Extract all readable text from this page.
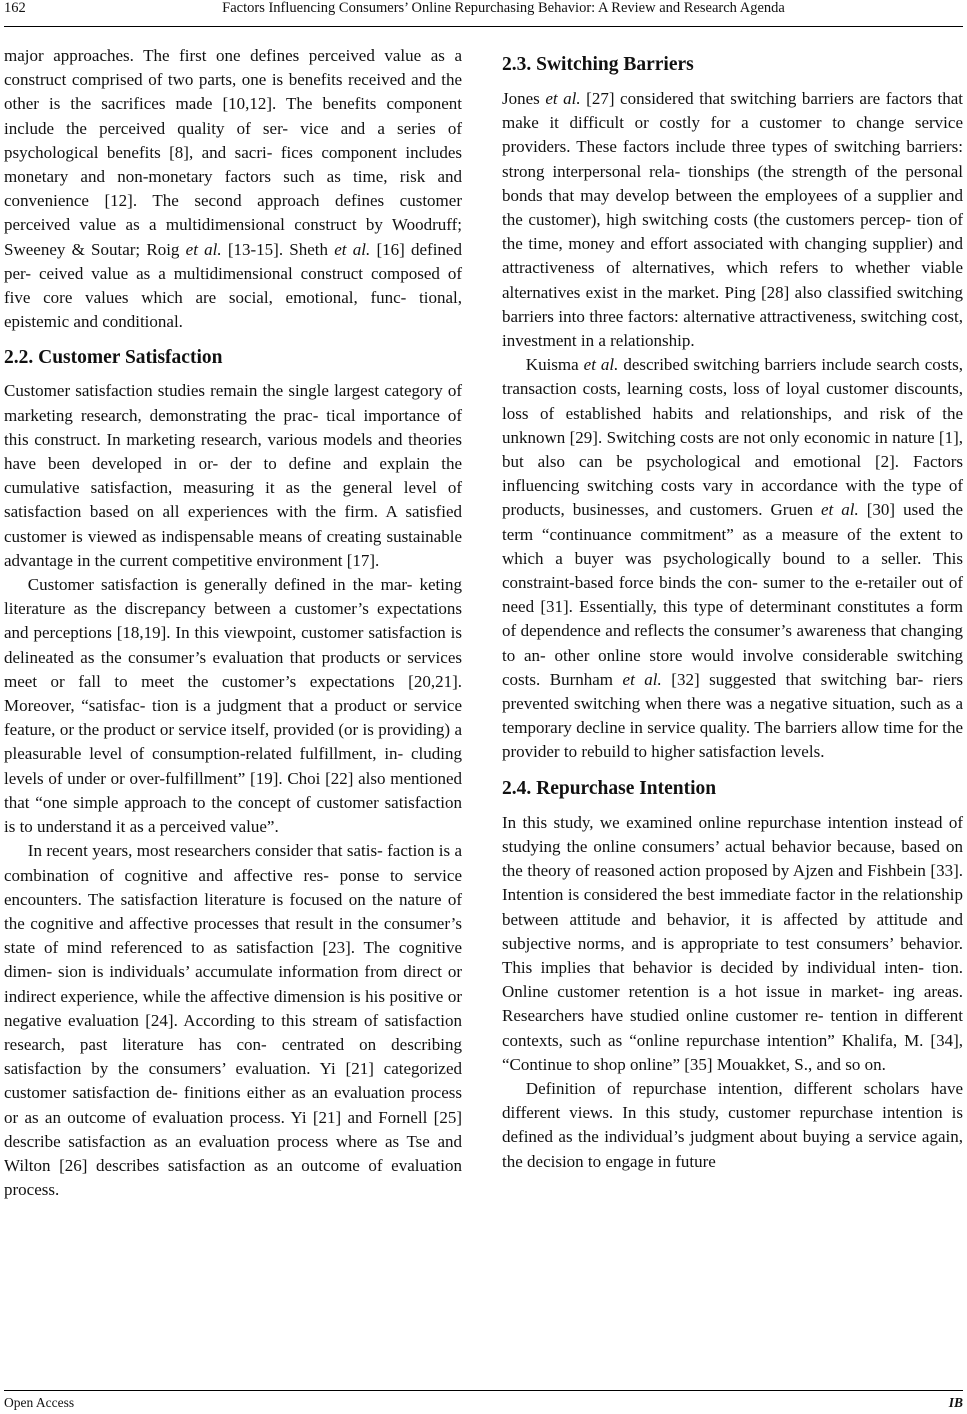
162	Factors Influencing Consumers’ Online Repurchasing Behavior: A Review and Research Agenda

major approaches. The first one defines perceived value as a construct comprised of two parts, one is benefits received and the other is the sacrifices made [10,12]. The benefits component include the perceived quality of ser- vice and a series of psychological benefits [8], and sacri- fices component includes monetary and non-monetary factors such as time, risk and convenience [12]. The second approach defines customer perceived value as a multidimensional construct by Woodruff; Sweeney & Soutar; Roig et al. [13-15]. Sheth et al. [16] defined per- ceived value as a multidimensional construct composed of five core values which are social, emotional, func- tional, epistemic and conditional.

2.2. Customer Satisfaction

Customer satisfaction studies remain the single largest category of marketing research, demonstrating the prac- tical importance of this construct. In marketing research, various models and theories have been developed in or- der to define and explain the cumulative satisfaction, measuring it as the general level of satisfaction based on all experiences with the firm. A satisfied customer is viewed as indispensable means of creating sustainable advantage in the current competitive environment [17].

Customer satisfaction is generally defined in the mar- keting literature as the discrepancy between a customer’s expectations and perceptions [18,19]. In this viewpoint, customer satisfaction is delineated as the consumer’s evaluation that products or services meet or fall to meet the customer’s expectations [20,21]. Moreover, “satisfac- tion is a judgment that a product or service feature, or the product or service itself, provided (or is providing) a pleasurable level of consumption-related fulfillment, in- cluding levels of under or over-fulfillment” [19]. Choi [22] also mentioned that “one simple approach to the concept of customer satisfaction is to understand it as a perceived value”.

In recent years, most researchers consider that satis- faction is a combination of cognitive and affective res- ponse to service encounters. The satisfaction literature is focused on the nature of the cognitive and affective processes that result in the consumer’s state of mind referenced to as satisfaction [23]. The cognitive dimen- sion is individuals’ accumulate information from direct or indirect experience, while the affective dimension is his positive or negative evaluation [24]. According to this stream of satisfaction research, past literature has con- centrated on describing satisfaction by the consumers’ evaluation. Yi [21] categorized customer satisfaction de- finitions either as an evaluation process or as an outcome of evaluation process. Yi [21] and Fornell [25] describe satisfaction as an evaluation process where as Tse and Wilton [26] describes satisfaction as an outcome of evaluation process.

2.3. Switching Barriers

Jones et al. [27] considered that switching barriers are factors that make it difficult or costly for a customer to change service providers. These factors include three types of switching barriers: strong interpersonal rela- tionships (the strength of the personal bonds that may develop between the employees of a supplier and the customer), high switching costs (the customers percep- tion of the time, money and effort associated with changing supplier) and attractiveness of alternatives, which refers to whether viable alternatives exist in the market. Ping [28] also classified switching barriers into three factors: alternative attractiveness, switching cost, investment in a relationship.

Kuisma et al. described switching barriers include search costs, transaction costs, learning costs, loss of loyal customer discounts, loss of established habits and relationships, and risk of the unknown [29]. Switching costs are not only economic in nature [1], but also can be psychological and emotional [2]. Factors influencing switching costs vary in accordance with the type of products, businesses, and customers. Gruen et al. [30] used the term “continuance commitment” as a measure of the extent to which a buyer was psychologically bound to a seller. This constraint-based force binds the con- sumer to the e-retailer out of need [31]. Essentially, this type of determinant constitutes a form of dependence and reflects the consumer’s awareness that changing to an- other online store would involve considerable switching costs. Burnham et al. [32] suggested that switching bar- riers prevented switching when there was a negative situation, such as a temporary decline in service quality. The barriers allow time for the provider to rebuild to higher satisfaction levels.

2.4. Repurchase Intention

In this study, we examined online repurchase intention instead of studying the online consumers’ actual behavior because, based on the theory of reasoned action proposed by Ajzen and Fishbein [33]. Intention is considered the best immediate factor in the relationship between attitude and behavior, it is affected by attitude and subjective norms, and is appropriate to test consumers’ behavior. This implies that behavior is decided by individual inten- tion. Online customer retention is a hot issue in market- ing areas. Researchers have studied online customer re- tention in different contexts, such as “online repurchase intention” Khalifa, M. [34], “Continue to shop online” [35] Mouakket, S., and so on.

Definition of repurchase intention, different scholars have different views. In this study, customer repurchase intention is defined as the individual’s judgment about buying a service again, the decision to engage in future

Open Access	IB
